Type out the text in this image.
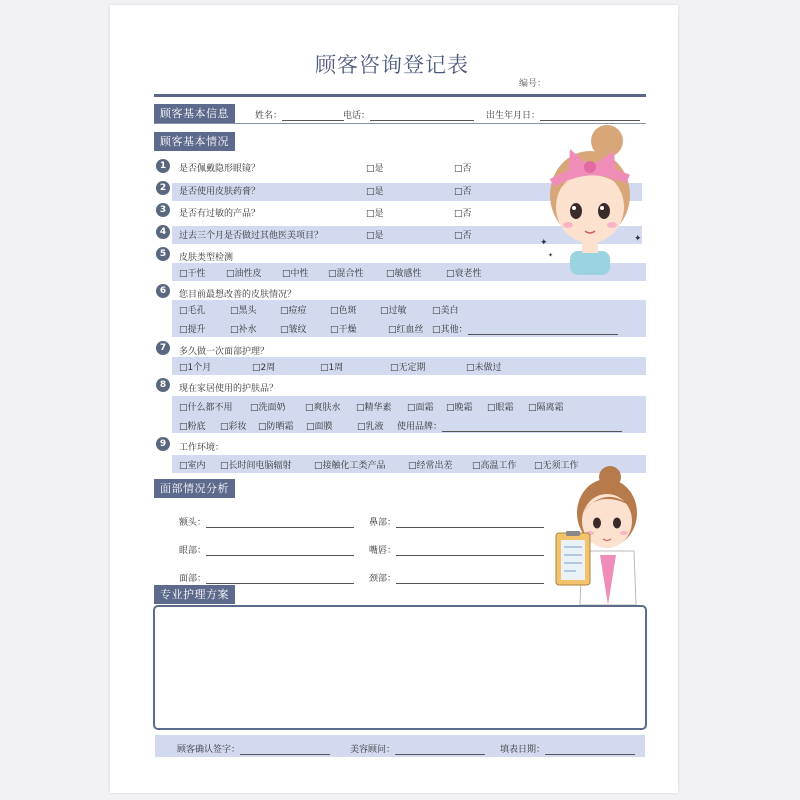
顾客咨询登记表
编号：
顾客基本信息	姓名：	电话：	出生年月日：
顾客基本情况
1	是否佩戴隐形眼镜？	□是	□否
2	是否使用皮肤药膏？	□是	□否
3	是否有过敏的产品？	□是	□否
4	过去三个月是否做过其他医美项目？	□是	□否
5	皮肤类型检测
□干性 □油性皮 □中性 □混合性 □敏感性	□衰老性
6	您目前最想改善的皮肤情况？
□毛孔	□黑头	□痘痘	□色斑	□过敏	□美白
□提升	□补水	□皱纹	□干燥	□红血丝 □其他：
7	多久做一次面部护理？
□1个月	□2周	□1周	□无定期	□未做过
8	现在家居使用的护肤品？
□什么都不用 □洗面奶 □爽肤水 □精华素 □面霜 □晚霜 □眼霜 □隔离霜
□粉底 □彩妆 □防晒霜 □面膜	□乳液 使用品牌：
9	工作环境：
□室内 □长时间电脑辐射 □接触化工类产品 □经常出差 □高温工作 □无须工作
面部情况分析
额头：	鼻部：
眼部：	嘴唇：
面部：	颈部：
专业护理方案
顾客确认签字：	美容顾问：	填表日期：
✦	✦
✦
